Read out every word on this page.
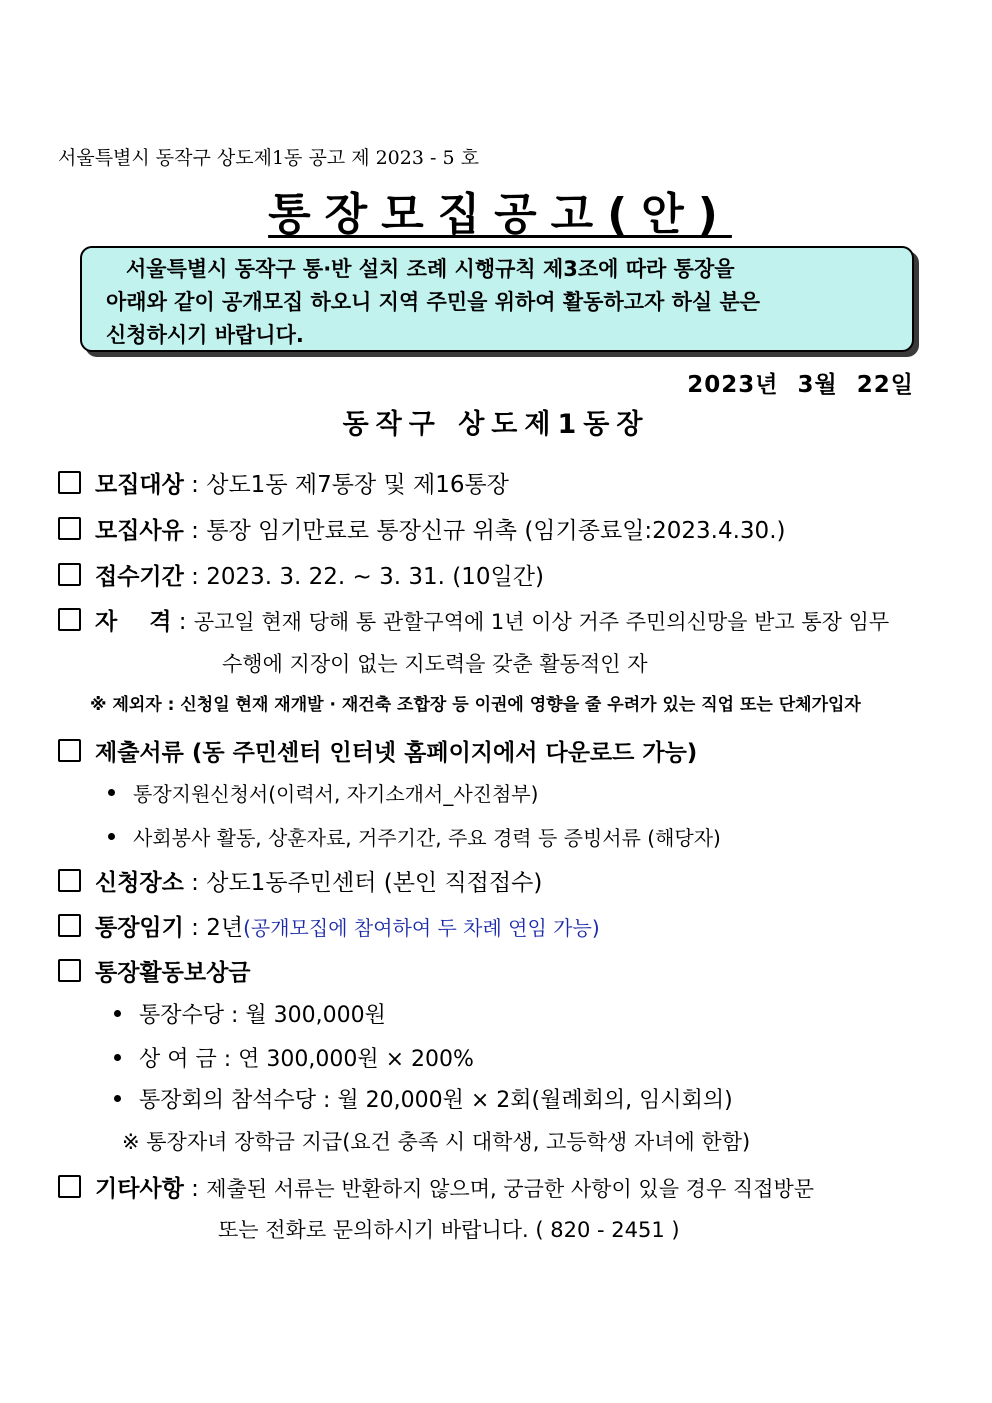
서울특별시 동작구 상도제1동 공고 제 2023 - 5 호
통장모집공고(안)

서울특별시 동작구 통·반 설치 조례 시행규칙 제3조에 따라 통장을
아래와 같이 공개모집 하오니 지역 주민을 위하여 활동하고자 하실 분은
신청하시기 바랍니다.

2023년 3월 22일
동작구 상도제1동장
모집대상 : 상도1동 제7통장 및 제16통장
모집사유 : 통장 임기만료로 통장신규 위촉 (임기종료일:2023.4.30.)
접수기간 : 2023. 3. 22. ~ 3. 31. (10일간)
자    격 : 공고일 현재 당해 통 관할구역에 1년 이상 거주 주민의신망을 받고 통장 임무
수행에 지장이 없는 지도력을 갖춘 활동적인 자
※ 제외자 : 신청일 현재 재개발 · 재건축 조합장 등 이권에 영향을 줄 우려가 있는 직업 또는 단체가입자
제출서류 (동 주민센터 인터넷 홈페이지에서 다운로드 가능)
통장지원신청서(이력서, 자기소개서_사진첨부)
사회봉사 활동, 상훈자료, 거주기간, 주요 경력 등 증빙서류 (해당자)
신청장소 : 상도1동주민센터 (본인 직접접수)
통장임기 : 2년(공개모집에 참여하여 두 차례 연임 가능)
통장활동보상금
통장수당 : 월 300,000원
상 여 금 : 연 300,000원 × 200%
통장회의 참석수당 : 월 20,000원 × 2회(월례회의, 임시회의)
※ 통장자녀 장학금 지급(요건 충족 시 대학생, 고등학생 자녀에 한함)
기타사항 : 제출된 서류는 반환하지 않으며, 궁금한 사항이 있을 경우 직접방문
또는 전화로 문의하시기 바랍니다. ( 820 - 2451 )
